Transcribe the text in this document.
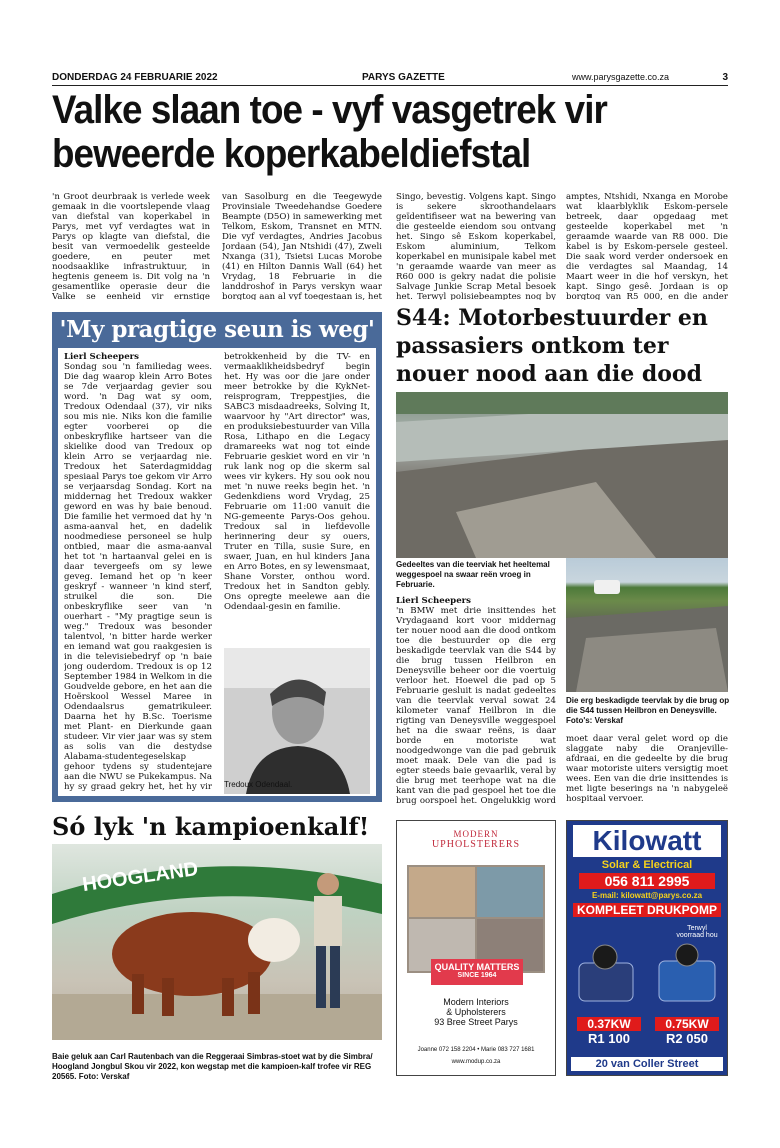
DONDERDAG 24 FEBRUARIE 2022	PARYS GAZETTE	www.parysgazette.co.za	3
Valke slaan toe - vyf vasgetrek vir
beweerde koperkabeldiefstal
'n Groot deurbraak is verlede week gemaak in die voortslepende vlaag van diefstal van koperkabel in Parys, met vyf verdagtes wat in Parys op klagte van diefstal, die besit van vermoedelik gesteelde goedere, en peuter met noodsaaklike infrastruktuur, in hegtenis geneem is. Dit volg na 'n gesamentlike operasie deur die Valke se eenheid vir ernstige
van Sasolburg en die Teegewyde Provinsiale Tweedehandse Goedere Beampte (D5O) in samewerking met Telkom, Eskom, Transnet en MTN. Die vyf verdagtes, Andries Jacobus Jordaan (54), Jan Ntshidi (47), Zweli Nxanga (31), Tsietsi Lucas Morobe (41) en Hilton Dannis Wall (64) het Vrydag, 18 Februarie in die landdroshof in Parys verskyn waar borgtog aan al vyf toegestaan is, het
Singo, bevestig. Volgens kapt. Singo is sekere skroothandelaars geïdentifiseer wat na bewering van die gesteelde eiendom sou ontvang het. Singo sê Eskom koperkabel, Eskom aluminium, Telkom koperkabel en munisipale kabel met 'n geraamde waarde van meer as R60 000 is gekry nadat die polisie Salvage Junkie Scrap Metal besoek het. Terwyl polisiebeamptes nog by
amptes, Ntshidi, Nxanga en Morobe wat klaarblyklik Eskom-persele betreek, daar opgedaag met gesteelde koperkabel met 'n geraamde waarde van R8 000. Die kabel is by Eskom-persele gesteel. Die saak word verder ondersoek en die verdagtes sal Maandag, 14 Maart weer in die hof verskyn, het kapt. Singo gesê. Jordaan is op borgtog van R5 000, en die ander
'My pragtige seun is weg'
Lierl Scheepers
Sondag sou 'n familiedag wees. Die dag waarop klein Arro Botes se 7de verjaardag gevier sou word. 'n Dag wat sy oom, Tredoux Odendaal (37), vir niks sou mis nie. Niks kon die familie egter voorberei op die onbeskryflike hartseer van die skielike dood van Tredoux op klein Arro se verjaardag nie. Tredoux het Saterdagmiddag spesiaal Parys toe gekom vir Arro se verjaarsdag Sondag. Kort na middernag het Tredoux wakker geword en was hy baie benoud. Die familie het vermoed dat hy 'n asma-aanval het, en dadelik noodmediese personeel se hulp ontbied, maar die asma-aanval het tot 'n hartaanval gelei en is daar tevergeefs om sy lewe geveg. Iemand het op 'n keer geskryf - wanneer 'n kind sterf, struikel die son. Die onbeskryflike seer van 'n ouerhart - "My pragtige seun is weg." Tredoux was besonder talentvol, 'n bitter harde werker en iemand wat gou raakgesien is in die televisiebedryf op 'n baie jong ouderdom. Tredoux is op 12 September 1984 in Welkom in die Goudvelde gebore, en het aan die Hoërskool Wessel Maree in Odendaalsrus gematrikuleer. Daarna het hy B.Sc. Toerisme met Plant- en Dierkunde gaan studeer. Vir vier jaar was sy stem as solis van die destydse Alabama-studentegeselskap gehoor tydens sy studentejare aan die NWU se Pukekampus. Na hy sy graad gekry het, het hy vir
betrokkenheid by die TV- en vermaaklikheidsbedryf begin het. Hy was oor die jare onder meer betrokke by die KykNet-reisprogram, Treppestjies, die SABC3 misdaadreeks, Solving It, waarvoor hy "Art director" was, en produksiebestuurder van Villa Rosa, Lithapo en die Legacy dramareeks wat nog tot einde Februarie geskiet word en vir 'n ruk lank nog op die skerm sal wees vir kykers. Hy sou ook nou met 'n nuwe reeks begin het. 'n Gedenkdiens word Vrydag, 25 Februarie om 11:00 vanuit die NG-gemeente Parys-Oos gehou. Tredoux sal in liefdevolle herinnering deur sy ouers, Truter en Tilla, susie Sure, en swaer, Juan, en hul kinders Jana en Arro Botes, en sy lewensmaat, Shane Vorster, onthou word. Tredoux het in Sandton gebly. Ons opregte meelewe aan die Odendaal-gesin en familie.
Tredoux Odendaal.
S44: Motorbestuurder en passasiers ontkom ter nouer nood aan die dood
Gedeeltes van die teerviak het heeltemal weggespoel na swaar reën vroeg in Februarie.
Die erg beskadigde teervlak by die brug op die S44 tussen Heilbron en Deneysville. Foto's: Verskaf
Lierl Scheepers
'n BMW met drie insittendes het Vrydagaand kort voor middernag ter nouer nood aan die dood ontkom toe die bestuurder op die erg beskadigde teervlak van die S44 by die brug tussen Heilbron en Deneysville beheer oor die voertuig verloor het. Hoewel die pad op 5 Februarie gesluit is nadat gedeeltes van die teervlak verval sowat 24 kilometer vanaf Heilbron in die rigting van Deneysville weggespoel het na die swaar reëns, is daar borde en motoriste wat noodgedwonge van die pad gebruik moet maak. Dele van die pad is egter steeds baie gevaarlik, veral by die brug met teerhope wat na die kant van die pad gespoel het toe die brug oorspoel het. Ongelukkig word
moet daar veral gelet word op die slaggate naby die Oranjeville-afdraai, en die gedeelte by die brug waar motoriste uiters versigtig moet wees. Een van die drie insittendes is met ligte beserings na 'n nabygeleë hospitaal vervoer.
Só lyk 'n kampioenkalf!
HOOGLAND
Baie geluk aan Carl Rautenbach van die Reggeraai Simbras-stoet wat by die Simbra/ Hoogland Jongbul Skou vir 2022, kon wegstap met die kampioen-kalf trofee vir REG 20565. Foto: Verskaf
MODERN
UPHOLSTERERS
QUALITY MATTERS
SINCE 1964
Modern Interiors
& Upholsterers
93 Bree Street Parys
Joanne 072 158 2204 • Marie 083 727 1681
www.modup.co.za
Kilowatt
Solar & Electrical
056 811 2995
E-mail: kilowatt@parys.co.za
KOMPLEET DRUKPOMP
Terwyl voorraad hou
0.37KW
R1 100
0.75KW
R2 050
20 van Coller Street
